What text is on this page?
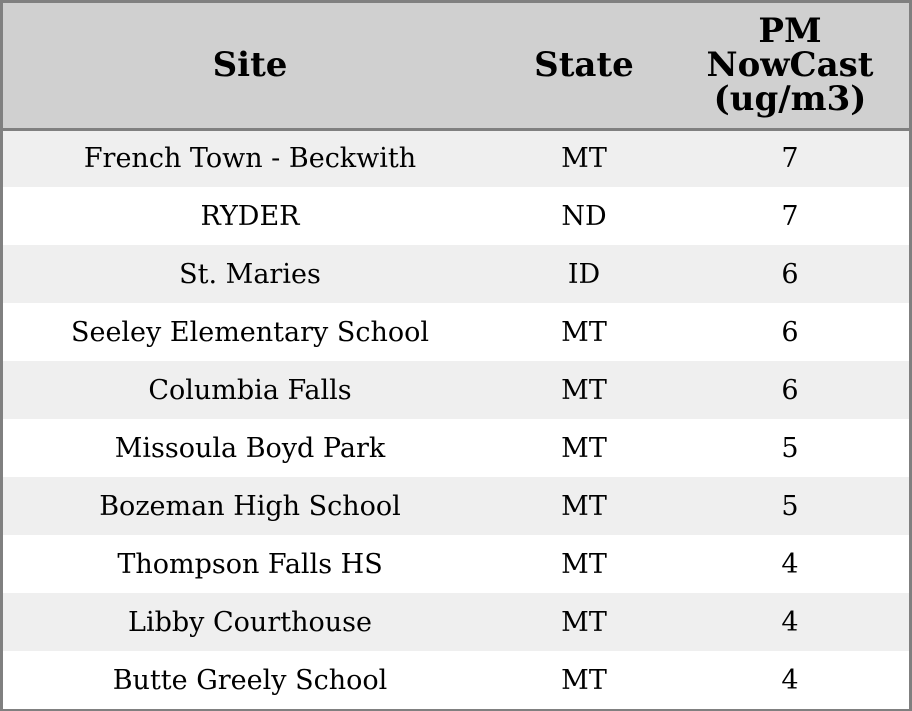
Site	State	PM
NowCast
(ug/m3)
French Town - Beckwith	MT	7
RYDER	ND	7
St. Maries	ID	6
Seeley Elementary School	MT	6
Columbia Falls	MT	6
Missoula Boyd Park	MT	5
Bozeman High School	MT	5
Thompson Falls HS	MT	4
Libby Courthouse	MT	4
Butte Greely School	MT	4
